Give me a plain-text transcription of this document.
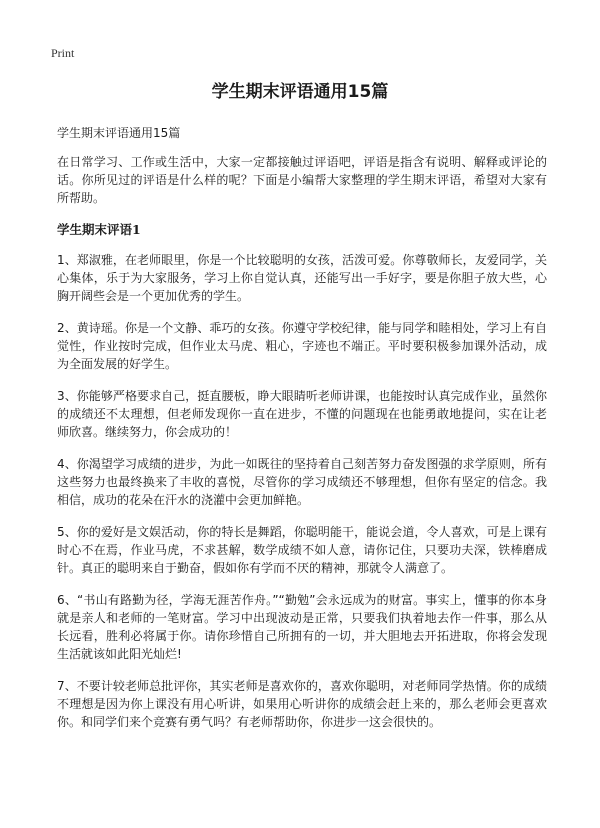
Print
学生期末评语通用15篇

学生期末评语通用15篇

在日常学习、工作或生活中，大家一定都接触过评语吧，评语是指含有说明、解释或评论的话。你所见过的评语是什么样的呢？下面是小编帮大家整理的学生期末评语，希望对大家有所帮助。

学生期末评语1

1、郑淑雅，在老师眼里，你是一个比较聪明的女孩，活泼可爱。你尊敬师长，友爱同学，关心集体，乐于为大家服务，学习上你自觉认真，还能写出一手好字，要是你胆子放大些，心胸开阔些会是一个更加优秀的学生。

2、黄诗瑶。你是一个文静、乖巧的女孩。你遵守学校纪律，能与同学和睦相处，学习上有自觉性，作业按时完成，但作业太马虎、粗心，字迹也不端正。平时要积极参加课外活动，成为全面发展的好学生。

3、你能够严格要求自己，挺直腰板，睁大眼睛听老师讲课，也能按时认真完成作业，虽然你的成绩还不太理想，但老师发现你一直在进步，不懂的问题现在也能勇敢地提问，实在让老师欣喜。继续努力，你会成功的！

4、你渴望学习成绩的进步，为此一如既往的坚持着自己刻苦努力奋发图强的求学原则，所有这些努力也最终换来了丰收的喜悦，尽管你的学习成绩还不够理想，但你有坚定的信念。我相信，成功的花朵在汗水的浇灌中会更加鲜艳。

5、你的爱好是文娱活动，你的特长是舞蹈，你聪明能干，能说会道，令人喜欢，可是上课有时心不在焉，作业马虎，不求甚解，数学成绩不如人意，请你记住，只要功夫深，铁棒磨成针。真正的聪明来自于勤奋，假如你有学而不厌的精神，那就令人满意了。

6、“书山有路勤为径，学海无涯苦作舟。”“勤勉”会永远成为的财富。事实上，懂事的你本身就是亲人和老师的一笔财富。学习中出现波动是正常，只要我们执着地去作一件事，那么从长远看，胜利必将属于你。请你珍惜自己所拥有的一切，并大胆地去开拓进取，你将会发现生活就该如此阳光灿烂!

7、不要计较老师总批评你，其实老师是喜欢你的，喜欢你聪明，对老师同学热情。你的成绩不理想是因为你上课没有用心听讲，如果用心听讲你的成绩会赶上来的，那么老师会更喜欢你。和同学们来个竞赛有勇气吗？有老师帮助你，你进步一这会很快的。
